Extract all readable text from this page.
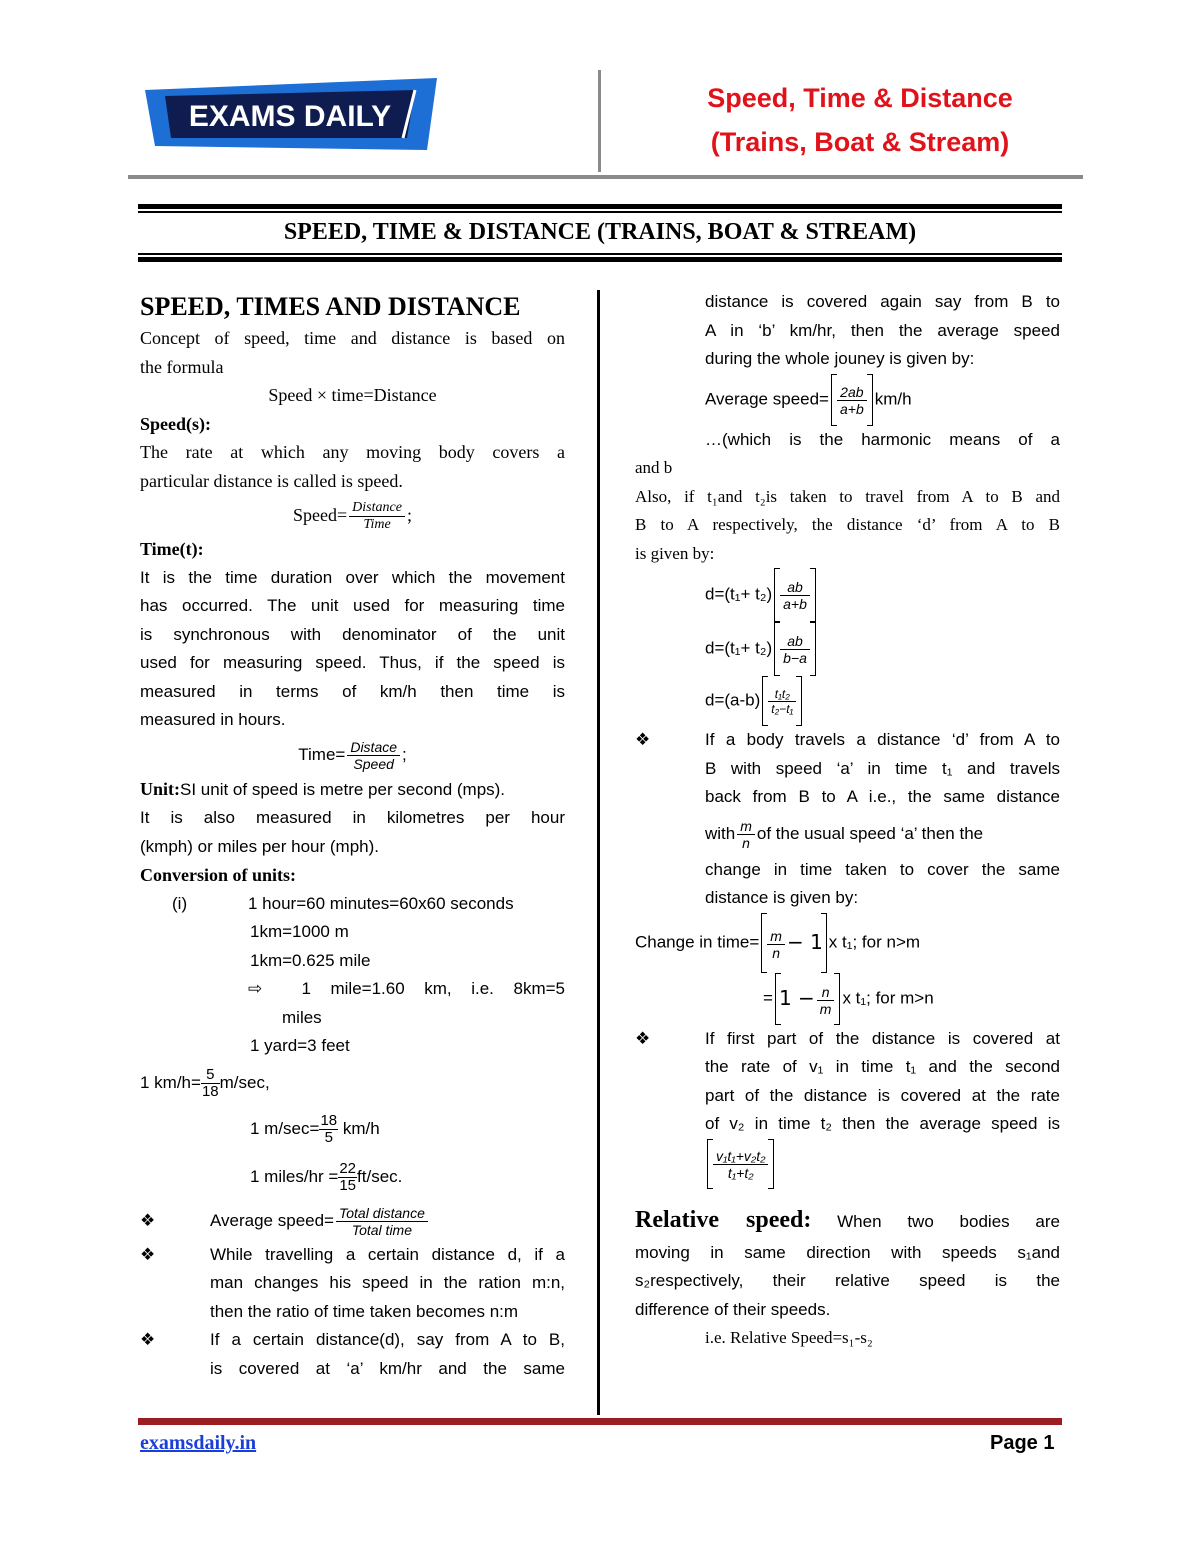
EXAMS DAILY
Speed, Time & Distance
(Trains, Boat & Stream)
SPEED, TIME & DISTANCE (TRAINS, BOAT & STREAM)

SPEED, TIMES AND DISTANCE

Concept of speed, time and distance is based on

the formula

Speed × time=Distance

Speed(s):

The rate at which any moving body covers a

particular distance is called is speed.

Speed= $\frac{\text{Distance}}{\text{Time}}$ ;

Time(t):

It is the time duration over which the movement

has occurred. The unit used for measuring time

is synchronous with denominator of the unit

used for measuring speed. Thus, if the speed is

measured in terms of km/h then time is

measured in hours.

Time= $\frac{\text{Distace}}{\text{Speed}}$ ;

Unit:SI unit of speed is metre per second (mps).

It is also measured in kilometres per hour

(kmph) or miles per hour (mph).

Conversion of units:

(i)	1 hour=60 minutes=60x60 seconds

1km=1000 m

1km=0.625 mile

⇨ 1 mile=1.60 km, i.e. 8km=5

miles

1 yard=3 feet

1 $km/h= \frac{5}{18} m/\sec$,

1 $m/\sec= \frac{18}{5} km/h$

1 miles/hr = $\frac{22}{15} ft/\sec$.

❖	Average speed= $\frac{\text{Total distance}}{\text{Total time}}$
❖	While travelling a certain distance d, if a

man changes his speed in the ration m:n,

then the ratio of time taken becomes n:m

❖	If a certain distance(d), say from A to B,

is covered at ‘a’ km/hr and the same

distance is covered again say from B to

A in ‘b’ km/hr, then the average speed

during the whole jouney is given by:

Average speed= $\frac{2ab}{a+b} km/h$

…(which is the harmonic means of a

and b

Also, if t₁and t₂is taken to travel from A to B and

B to A respectively, the distance ‘d’ from A to B

is given by:

$d=(t_1+ t_2) \frac{ab}{a+b}$

$d=(t_1+ t_2) \frac{ab}{b-a}$

$d=(a-b) \frac{\text{t₁t₂}}{\text{t₂−t₁}}$

❖	If a body travels a distance ‘d’ from A to

B with speed ‘a’ in time t₁ and travels

back from B to A i.e., the same distance

with $\frac{m}{n}$ of the usual speed ‘a’ then the

change in time taken to cover the same

distance is given by:

Change in time= $\frac{m}{n} - 1$ x t₁; for n>m

= $1 - \frac{n}{m}$ x t₁; for m>n

❖	If first part of the distance is covered at

the rate of v₁ in time t₁ and the second

part of the distance is covered at the rate

of v₂ in time t₂ then the average speed is

$\frac{\text{v₁t₁+v₂t₂}}{\text{t₁+t₂}}$

Relative speed: When two bodies are

moving in same direction with speeds s₁and

s₂respectively, their relative speed is the

difference of their speeds.

i.e. Relative Speed=s₁-s₂

examsdaily.in	Page 1
